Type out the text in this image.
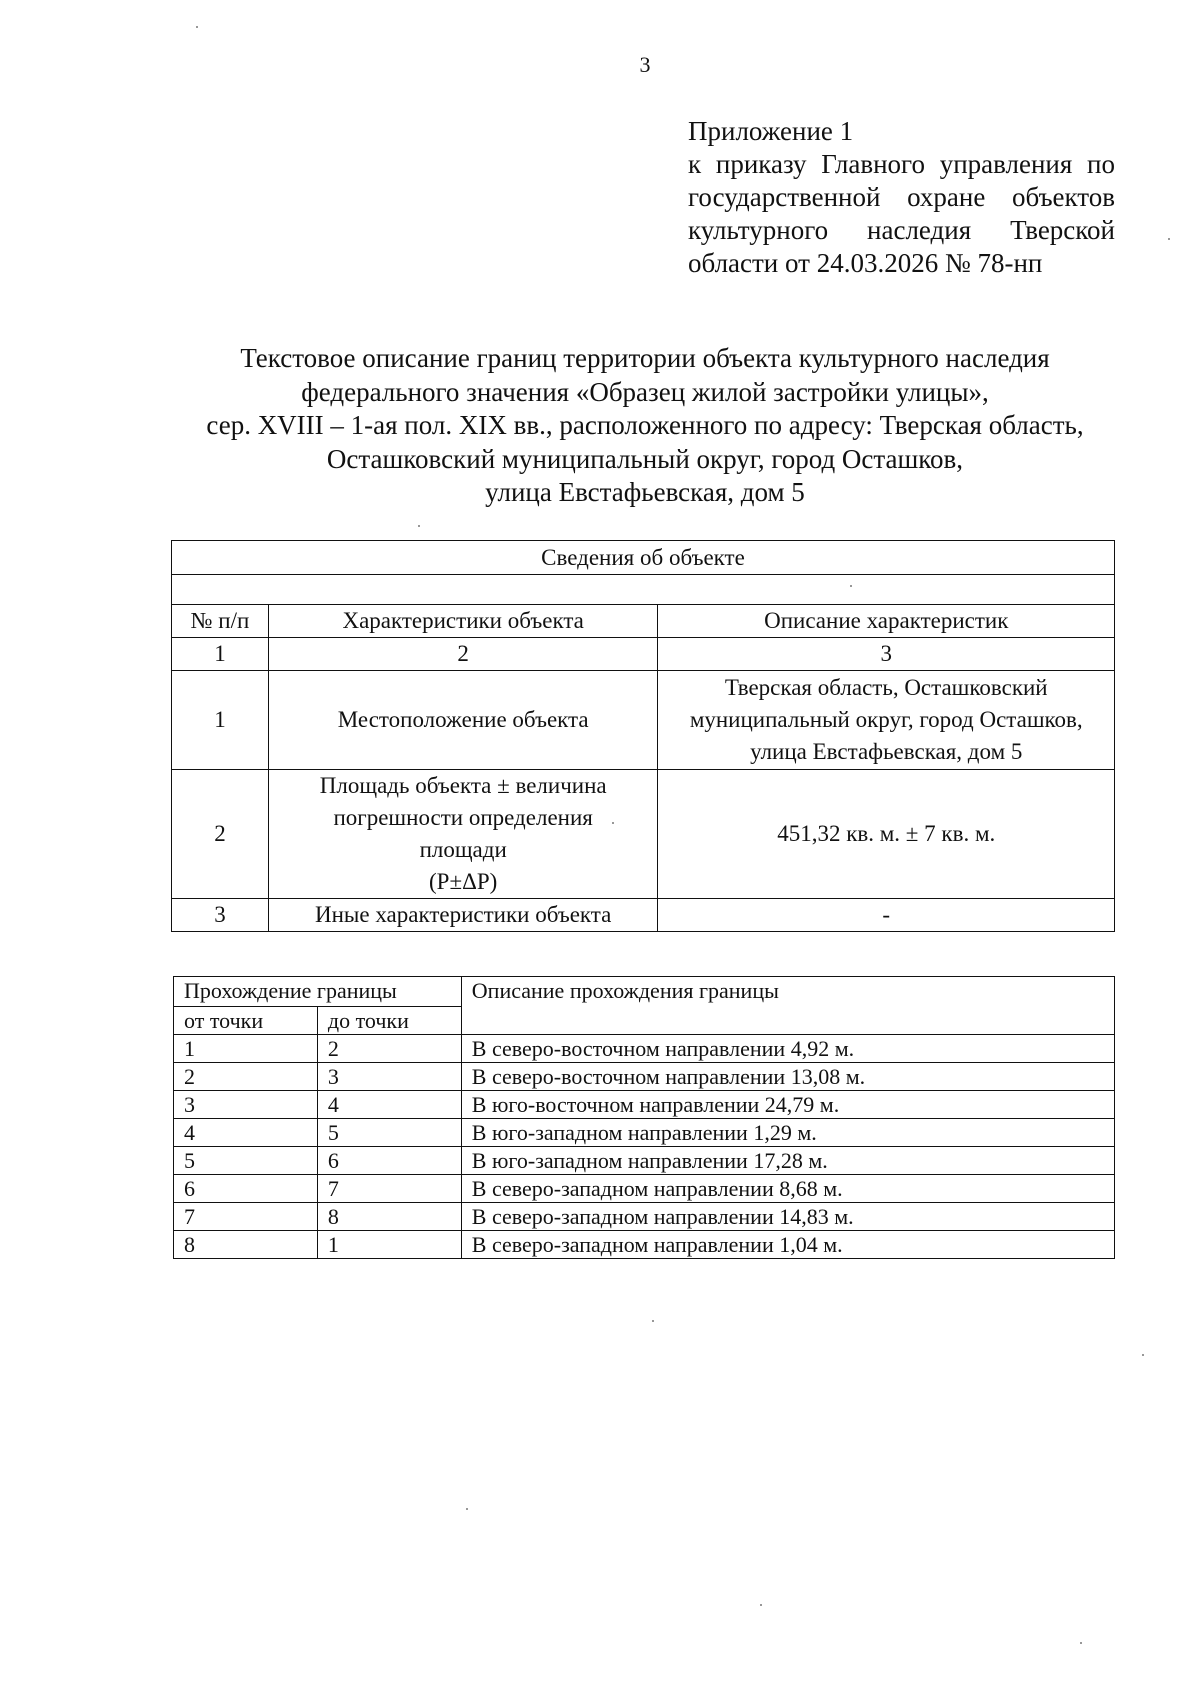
3
Приложение 1
к приказу Главного управления по
государственной охране объектов
культурного наследия Тверской
области от 24.03.2026 № 78-нп
Текстовое описание границ территории объекта культурного наследия
федерального значения «Образец жилой застройки улицы»,
сер. XVIII – 1-ая пол. XIX вв., расположенного по адресу: Тверская область,
Осташковский муниципальный округ, город Осташков,
улица Евстафьевская, дом 5
Сведения об объекте		

№ п/п	Характеристики объекта	Описание характеристик
1	2	3
1	Местоположение объекта	Тверская область, Осташковский
муниципальный округ, город Осташков,
улица Евстафьевская, дом 5

2	Площадь объекта ± величина
погрешности определения
площади
(P±ΔP)	451,32 кв. м. ± 7 кв. м.

3	Иные характеристики объекта	-
Прохождение границы		Описание прохождения границы
от точки	до точки	
1	2	В северо-восточном направлении 4,92 м.
2	3	В северо-восточном направлении 13,08 м.
3	4	В юго-восточном направлении 24,79 м.
4	5	В юго-западном направлении 1,29 м.
5	6	В юго-западном направлении 17,28 м.
6	7	В северо-западном направлении 8,68 м.
7	8	В северо-западном направлении 14,83 м.
8	1	В северо-западном направлении 1,04 м.
